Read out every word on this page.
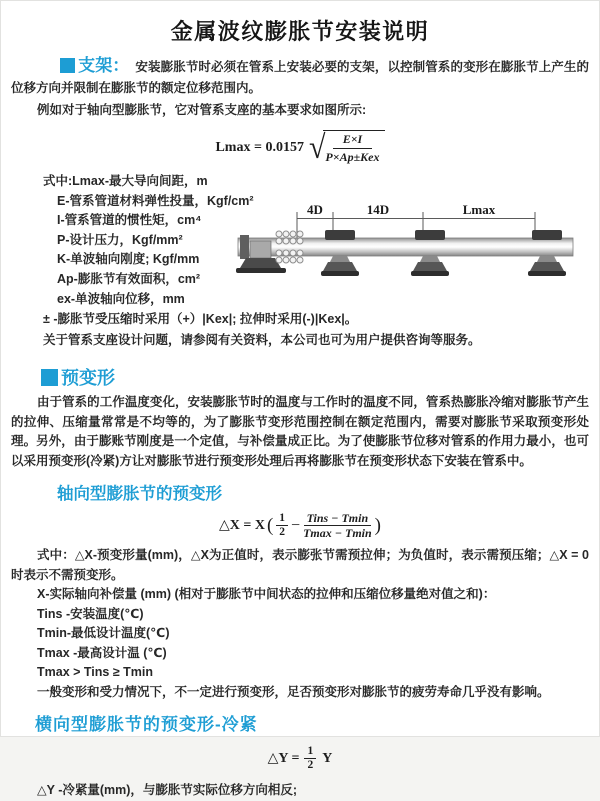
金属波纹膨胀节安装说明

支架： 安装膨胀节时必须在管系上安装必要的支架，以控制管系的变形在膨胀节上产生的位移方向并限制在膨胀节的额定位移范围内。

例如对于轴向型膨胀节，它对管系支座的基本要求如图所示:

Lmax = 0.0157 √
$\frac{E\times I}{\text{P×Ap±Kex}}$
式中:Lmax-最大导向间距，m
E-管系管道材料弹性投量，Kgf/cm²
I-管系管道的惯性矩，cm⁴
P-设计压力，Kgf/mm²
K-单波轴向刚度; Kgf/mm
Ap-膨胀节有效面积，cm²
ex-单波轴向位移，mm
4D	14D	Lmax

± -膨胀节受压缩时采用（+）|Kex|; 拉伸时采用(-)|Kex|。

关于管系支座设计问题，请参阅有关资料，本公司也可为用户提供咨询等服务。

预变形

由于管系的工作温度变化，安装膨胀节时的温度与工作时的温度不同，管系热膨胀冷缩对膨胀节产生的拉伸、压缩量常常是不均等的，为了膨胀节变形范围控制在额定范围内，需要对膨胀节采取预变形处理。另外，由于膨账节刚度是一个定值，与补偿量成正比。为了使膨胀节位移对管系的作用力最小，也可以采用预变形(冷紧)方让对膨胀节进行预变形处理后再将膨胀节在预变形状态下安装在管系中。

轴向型膨胀节的预变形
△X = X ( $\frac{1}{2} - \frac{\text{Tins − Tmin}}{Tmax - Tmin}$ )

式中：△X-预变形量(mm)，△X为正值时，表示膨张节需预拉伸；为负值时，表示需预压缩；△X = 0时表示不需预变形。

X-实际轴向补偿量 (mm) (相对于膨胀节中间状态的拉伸和压缩位移量绝对值之和)：

Tins -安装温度(℃)

Tmin-最低设计温度(℃)

Tmax -最高设计温 (℃)

Tmax > Tins ≥ Tmin

一般变形和受力情况下，不一定进行预变形，足否预变形对膨胀节的疲劳寿命几乎没有影响。

横向型膨胀节的预变形-冷紧
△Y = $\frac{1}{2}$ Y

△Y -冷紧量(mm)，与膨胀节实际位移方向相反;
